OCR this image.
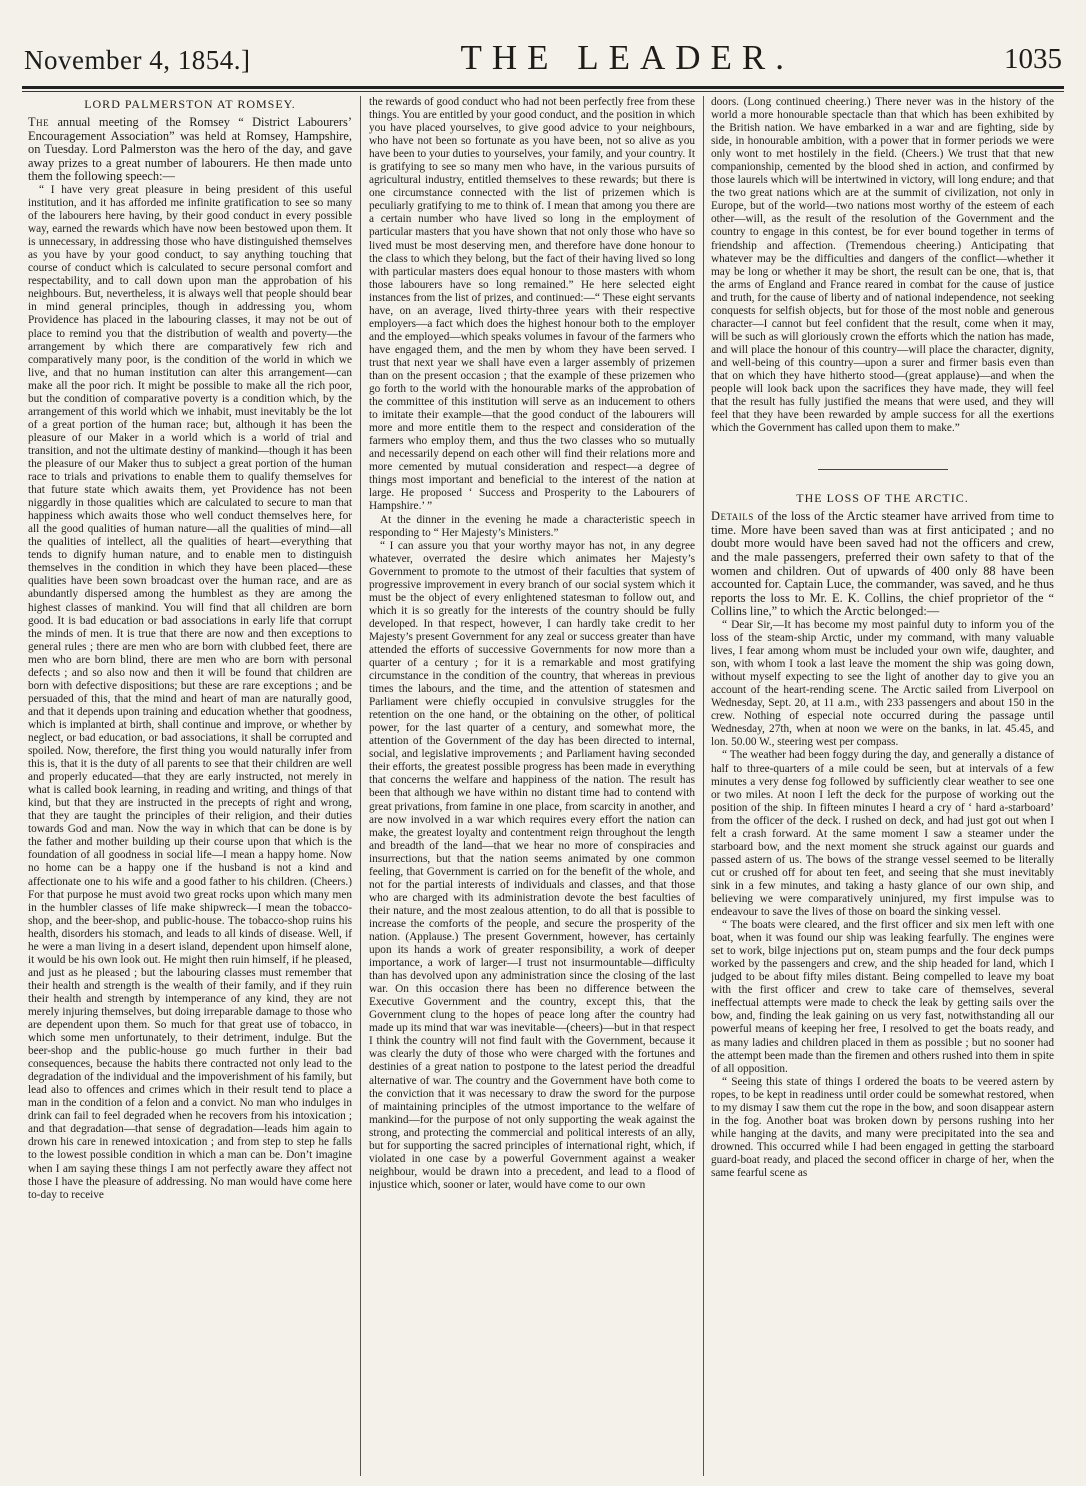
November 4, 1854.]	THE LEADER.	1035
LORD PALMERSTON AT ROMSEY.

The annual meeting of the Romsey “ District Labourers’ Encouragement Association” was held at Romsey, Hampshire, on Tuesday. Lord Palmerston was the hero of the day, and gave away prizes to a great number of labourers. He then made unto them the following speech:—

“ I have very great pleasure in being president of this useful institution, and it has afforded me infinite gratification to see so many of the labourers here having, by their good conduct in every possible way, earned the rewards which have now been bestowed upon them. It is unnecessary, in addressing those who have distinguished themselves as you have by your good conduct, to say anything touching that course of conduct which is calculated to secure personal comfort and respectability, and to call down upon man the approbation of his neighbours. But, nevertheless, it is always well that people should bear in mind general principles, though in addressing you, whom Providence has placed in the labouring classes, it may not be out of place to remind you that the distribution of wealth and poverty—the arrangement by which there are comparatively few rich and comparatively many poor, is the condition of the world in which we live, and that no human institution can alter this arrangement—can make all the poor rich. It might be possible to make all the rich poor, but the condition of comparative poverty is a condition which, by the arrangement of this world which we inhabit, must inevitably be the lot of a great portion of the human race; but, although it has been the pleasure of our Maker in a world which is a world of trial and transition, and not the ultimate destiny of mankind—though it has been the pleasure of our Maker thus to subject a great portion of the human race to trials and privations to enable them to qualify themselves for that future state which awaits them, yet Providence has not been niggardly in those qualities which are calculated to secure to man that happiness which awaits those who well conduct themselves here, for all the good qualities of human nature—all the qualities of mind—all the qualities of intellect, all the qualities of heart—everything that tends to dignify human nature, and to enable men to distinguish themselves in the condition in which they have been placed—these qualities have been sown broadcast over the human race, and are as abundantly dispersed among the humblest as they are among the highest classes of mankind. You will find that all children are born good. It is bad education or bad associations in early life that corrupt the minds of men. It is true that there are now and then exceptions to general rules ; there are men who are born with clubbed feet, there are men who are born blind, there are men who are born with personal defects ; and so also now and then it will be found that children are born with defective dispositions; but these are rare exceptions ; and be persuaded of this, that the mind and heart of man are naturally good, and that it depends upon training and education whether that goodness, which is implanted at birth, shall continue and improve, or whether by neglect, or bad education, or bad associations, it shall be corrupted and spoiled. Now, therefore, the first thing you would naturally infer from this is, that it is the duty of all parents to see that their children are well and properly educated—that they are early instructed, not merely in what is called book learning, in reading and writing, and things of that kind, but that they are instructed in the precepts of right and wrong, that they are taught the principles of their religion, and their duties towards God and man. Now the way in which that can be done is by the father and mother building up their course upon that which is the foundation of all goodness in social life—I mean a happy home. Now no home can be a happy one if the husband is not a kind and affectionate one to his wife and a good father to his children. (Cheers.) For that purpose he must avoid two great rocks upon which many men in the humbler classes of life make shipwreck—I mean the tobacco-shop, and the beer-shop, and public-house. The tobacco-shop ruins his health, disorders his stomach, and leads to all kinds of disease. Well, if he were a man living in a desert island, dependent upon himself alone, it would be his own look out. He might then ruin himself, if he pleased, and just as he pleased ; but the labouring classes must remember that their health and strength is the wealth of their family, and if they ruin their health and strength by intemperance of any kind, they are not merely injuring themselves, but doing irreparable damage to those who are dependent upon them. So much for that great use of tobacco, in which some men unfortunately, to their detriment, indulge. But the beer-shop and the public-house go much further in their bad consequences, because the habits there contracted not only lead to the degradation of the individual and the impoverishment of his family, but lead also to offences and crimes which in their result tend to place a man in the condition of a felon and a convict. No man who indulges in drink can fail to feel degraded when he recovers from his intoxication ; and that degradation—that sense of degradation—leads him again to drown his care in renewed intoxication ; and from step to step he falls to the lowest possible condition in which a man can be. Don’t imagine when I am saying these things I am not perfectly aware they affect not those I have the pleasure of addressing. No man would have come here to-day to receive

the rewards of good conduct who had not been perfectly free from these things. You are entitled by your good conduct, and the position in which you have placed yourselves, to give good advice to your neighbours, who have not been so fortunate as you have been, not so alive as you have been to your duties to yourselves, your family, and your country. It is gratifying to see so many men who have, in the various pursuits of agricultural industry, entitled themselves to these rewards; but there is one circumstance connected with the list of prizemen which is peculiarly gratifying to me to think of. I mean that among you there are a certain number who have lived so long in the employment of particular masters that you have shown that not only those who have so lived must be most deserving men, and therefore have done honour to the class to which they belong, but the fact of their having lived so long with particular masters does equal honour to those masters with whom those labourers have so long remained.” He here selected eight instances from the list of prizes, and continued:—“ These eight servants have, on an average, lived thirty-three years with their respective employers—a fact which does the highest honour both to the employer and the employed—which speaks volumes in favour of the farmers who have engaged them, and the men by whom they have been served. I trust that next year we shall have even a larger assembly of prizemen than on the present occasion ; that the example of these prizemen who go forth to the world with the honourable marks of the approbation of the committee of this institution will serve as an inducement to others to imitate their example—that the good conduct of the labourers will more and more entitle them to the respect and consideration of the farmers who employ them, and thus the two classes who so mutually and necessarily depend on each other will find their relations more and more cemented by mutual consideration and respect—a degree of things most important and beneficial to the interest of the nation at large. He proposed ‘ Success and Prosperity to the Labourers of Hampshire.’ ”

At the dinner in the evening he made a characteristic speech in responding to “ Her Majesty’s Ministers.”

“ I can assure you that your worthy mayor has not, in any degree whatever, overrated the desire which animates her Majesty’s Government to promote to the utmost of their faculties that system of progressive improvement in every branch of our social system which it must be the object of every enlightened statesman to follow out, and which it is so greatly for the interests of the country should be fully developed. In that respect, however, I can hardly take credit to her Majesty’s present Government for any zeal or success greater than have attended the efforts of successive Governments for now more than a quarter of a century ; for it is a remarkable and most gratifying circumstance in the condition of the country, that whereas in previous times the labours, and the time, and the attention of statesmen and Parliament were chiefly occupied in convulsive struggles for the retention on the one hand, or the obtaining on the other, of political power, for the last quarter of a century, and somewhat more, the attention of the Government of the day has been directed to internal, social, and legislative improvements ; and Parliament having seconded their efforts, the greatest possible progress has been made in everything that concerns the welfare and happiness of the nation. The result has been that although we have within no distant time had to contend with great privations, from famine in one place, from scarcity in another, and are now involved in a war which requires every effort the nation can make, the greatest loyalty and contentment reign throughout the length and breadth of the land—that we hear no more of conspiracies and insurrections, but that the nation seems animated by one common feeling, that Government is carried on for the benefit of the whole, and not for the partial interests of individuals and classes, and that those who are charged with its administration devote the best faculties of their nature, and the most zealous attention, to do all that is possible to increase the comforts of the people, and secure the prosperity of the nation. (Applause.) The present Government, however, has certainly upon its hands a work of greater responsibility, a work of deeper importance, a work of larger—I trust not insurmountable—difficulty than has devolved upon any administration since the closing of the last war. On this occasion there has been no difference between the Executive Government and the country, except this, that the Government clung to the hopes of peace long after the country had made up its mind that war was inevitable—(cheers)—but in that respect I think the country will not find fault with the Government, because it was clearly the duty of those who were charged with the fortunes and destinies of a great nation to postpone to the latest period the dreadful alternative of war. The country and the Government have both come to the conviction that it was necessary to draw the sword for the purpose of maintaining principles of the utmost importance to the welfare of mankind—for the purpose of not only supporting the weak against the strong, and protecting the commercial and political interests of an ally, but for supporting the sacred principles of international right, which, if violated in one case by a powerful Government against a weaker neighbour, would be drawn into a precedent, and lead to a flood of injustice which, sooner or later, would have come to our own

doors. (Long continued cheering.) There never was in the history of the world a more honourable spectacle than that which has been exhibited by the British nation. We have embarked in a war and are fighting, side by side, in honourable ambition, with a power that in former periods we were only wont to met hostilely in the field. (Cheers.) We trust that that new companionship, cemented by the blood shed in action, and confirmed by those laurels which will be intertwined in victory, will long endure; and that the two great nations which are at the summit of civilization, not only in Europe, but of the world—two nations most worthy of the esteem of each other—will, as the result of the resolution of the Government and the country to engage in this contest, be for ever bound together in terms of friendship and affection. (Tremendous cheering.) Anticipating that whatever may be the difficulties and dangers of the conflict—whether it may be long or whether it may be short, the result can be one, that is, that the arms of England and France reared in combat for the cause of justice and truth, for the cause of liberty and of national independence, not seeking conquests for selfish objects, but for those of the most noble and generous character—I cannot but feel confident that the result, come when it may, will be such as will gloriously crown the efforts which the nation has made, and will place the honour of this country—will place the character, dignity, and well-being of this country—upon a surer and firmer basis even than that on which they have hitherto stood—(great applause)—and when the people will look back upon the sacrifices they have made, they will feel that the result has fully justified the means that were used, and they will feel that they have been rewarded by ample success for all the exertions which the Government has called upon them to make.”

THE LOSS OF THE ARCTIC.

Details of the loss of the Arctic steamer have arrived from time to time. More have been saved than was at first anticipated ; and no doubt more would have been saved had not the officers and crew, and the male passengers, preferred their own safety to that of the women and children. Out of upwards of 400 only 88 have been accounted for. Captain Luce, the commander, was saved, and he thus reports the loss to Mr. E. K. Collins, the chief proprietor of the “ Collins line,” to which the Arctic belonged:—

“ Dear Sir,—It has become my most painful duty to inform you of the loss of the steam-ship Arctic, under my command, with many valuable lives, I fear among whom must be included your own wife, daughter, and son, with whom I took a last leave the moment the ship was going down, without myself expecting to see the light of another day to give you an account of the heart-rending scene. The Arctic sailed from Liverpool on Wednesday, Sept. 20, at 11 a.m., with 233 passengers and about 150 in the crew. Nothing of especial note occurred during the passage until Wednesday, 27th, when at noon we were on the banks, in lat. 45.45, and lon. 50.00 W., steering west per compass.

“ The weather had been foggy during the day, and generally a distance of half to three-quarters of a mile could be seen, but at intervals of a few minutes a very dense fog followed by sufficiently clear weather to see one or two miles. At noon I left the deck for the purpose of working out the position of the ship. In fifteen minutes I heard a cry of ‘ hard a-starboard’ from the officer of the deck. I rushed on deck, and had just got out when I felt a crash forward. At the same moment I saw a steamer under the starboard bow, and the next moment she struck against our guards and passed astern of us. The bows of the strange vessel seemed to be literally cut or crushed off for about ten feet, and seeing that she must inevitably sink in a few minutes, and taking a hasty glance of our own ship, and believing we were comparatively uninjured, my first impulse was to endeavour to save the lives of those on board the sinking vessel.

“ The boats were cleared, and the first officer and six men left with one boat, when it was found our ship was leaking fearfully. The engines were set to work, bilge injections put on, steam pumps and the four deck pumps worked by the passengers and crew, and the ship headed for land, which I judged to be about fifty miles distant. Being compelled to leave my boat with the first officer and crew to take care of themselves, several ineffectual attempts were made to check the leak by getting sails over the bow, and, finding the leak gaining on us very fast, notwithstanding all our powerful means of keeping her free, I resolved to get the boats ready, and as many ladies and children placed in them as possible ; but no sooner had the attempt been made than the firemen and others rushed into them in spite of all opposition.

“ Seeing this state of things I ordered the boats to be veered astern by ropes, to be kept in readiness until order could be somewhat restored, when to my dismay I saw them cut the rope in the bow, and soon disappear astern in the fog. Another boat was broken down by persons rushing into her while hanging at the davits, and many were precipitated into the sea and drowned. This occurred while I had been engaged in getting the starboard guard-boat ready, and placed the second officer in charge of her, when the same fearful scene as
